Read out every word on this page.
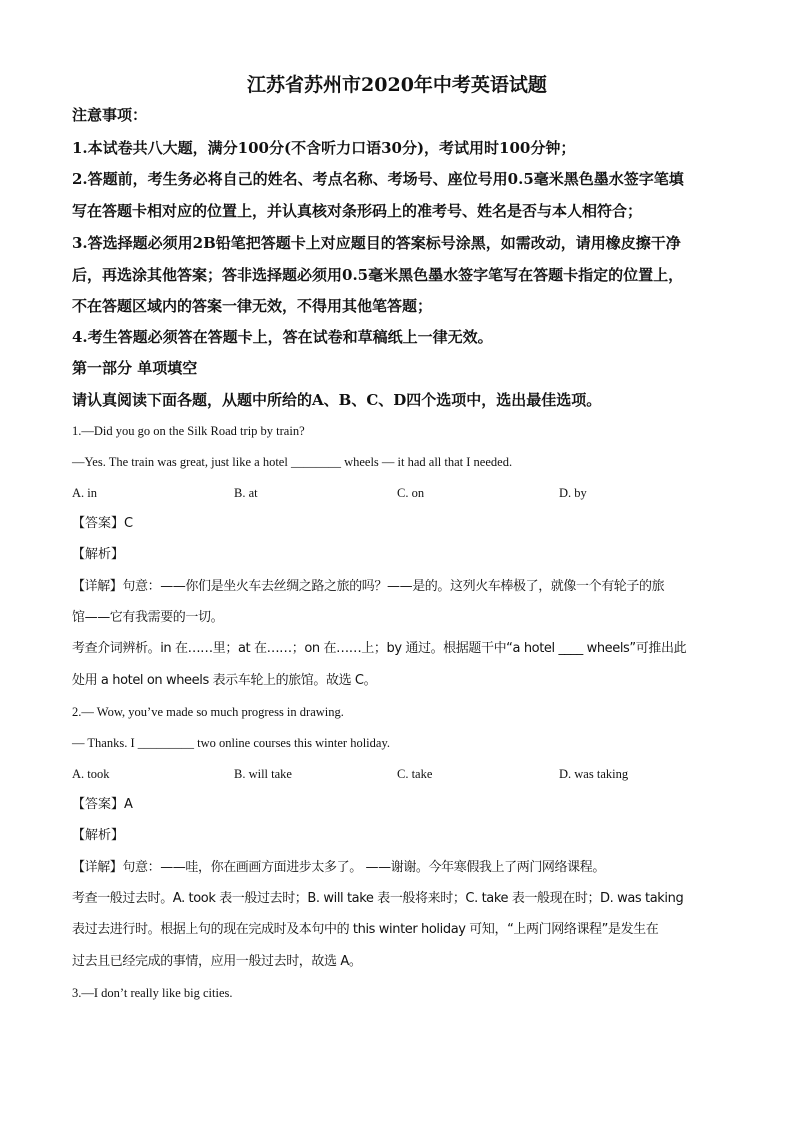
江苏省苏州市2020年中考英语试题
注意事项：
1.本试卷共八大题，满分100分(不含听力口语30分)，考试用时100分钟；
2.答题前，考生务必将自己的姓名、考点名称、考场号、座位号用0.5毫米黑色墨水签字笔填
写在答题卡相对应的位置上，并认真核对条形码上的准考号、姓名是否与本人相符合；
3.答选择题必须用2B铅笔把答题卡上对应题目的答案标号涂黑，如需改动，请用橡皮擦干净
后，再选涂其他答案；答非选择题必须用0.5毫米黑色墨水签字笔写在答题卡指定的位置上，
不在答题区域内的答案一律无效，不得用其他笔答题；
4.考生答题必须答在答题卡上，答在试卷和草稿纸上一律无效。
第一部分 单项填空
请认真阅读下面各题，从题中所给的A、B、C、D四个选项中，选出最佳选项。
1.—Did you go on the Silk Road trip by train?
—Yes. The train was great, just like a hotel ________ wheels — it had all that I needed.
A. in	B. at	C. on	D. by
【答案】C
【解析】
【详解】句意：——你们是坐火车去丝绸之路之旅的吗？——是的。这列火车棒极了，就像一个有轮子的旅
馆——它有我需要的一切。
考查介词辨析。in 在……里；at 在……；on 在……上；by 通过。根据题干中“a hotel ____ wheels”可推出此
处用 a hotel on wheels 表示车轮上的旅馆。故选 C。
2.— Wow, you’ve made so much progress in drawing.
— Thanks. I _________ two online courses this winter holiday.
A. took	B. will take	C. take	D. was taking
【答案】A
【解析】
【详解】句意：——哇，你在画画方面进步太多了。 ——谢谢。今年寒假我上了两门网络课程。
考查一般过去时。A. took 表一般过去时；B. will take 表一般将来时；C. take 表一般现在时；D. was taking
表过去进行时。根据上句的现在完成时及本句中的 this winter holiday 可知，“上两门网络课程”是发生在
过去且已经完成的事情，应用一般过去时，故选 A。
3.—I don’t really like big cities.
